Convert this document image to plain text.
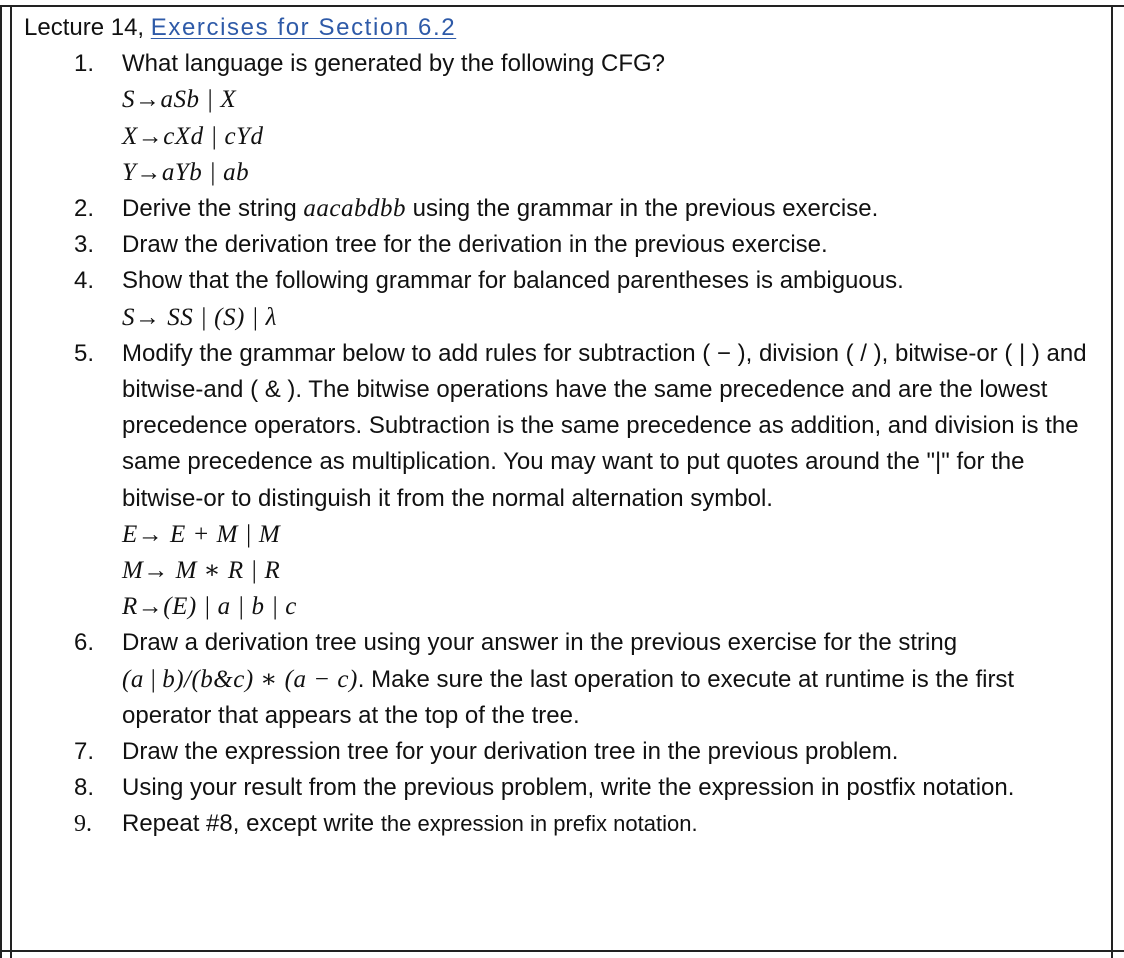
Lecture 14, Exercises for Section 6.2
1. What language is generated by the following CFG?
S→aSb | X
X→cXd | cYd
Y→aYb | ab
2. Derive the string aacabdbb using the grammar in the previous exercise.
3. Draw the derivation tree for the derivation in the previous exercise.
4. Show that the following grammar for balanced parentheses is ambiguous.
S→ SS | (S) | λ
5. Modify the grammar below to add rules for subtraction ( − ), division ( / ), bitwise-or ( | ) and bitwise-and ( & ). The bitwise operations have the same precedence and are the lowest precedence operators. Subtraction is the same precedence as addition, and division is the same precedence as multiplication. You may want to put quotes around the "|" for the bitwise-or to distinguish it from the normal alternation symbol.
E→ E + M | M
M→ M ∗ R | R
R→(E) | a | b | c
6. Draw a derivation tree using your answer in the previous exercise for the string (a | b)/(b&c) ∗ (a − c). Make sure the last operation to execute at runtime is the first operator that appears at the top of the tree.
7. Draw the expression tree for your derivation tree in the previous problem.
8. Using your result from the previous problem, write the expression in postfix notation.
9. Repeat #8, except write the expression in prefix notation.
